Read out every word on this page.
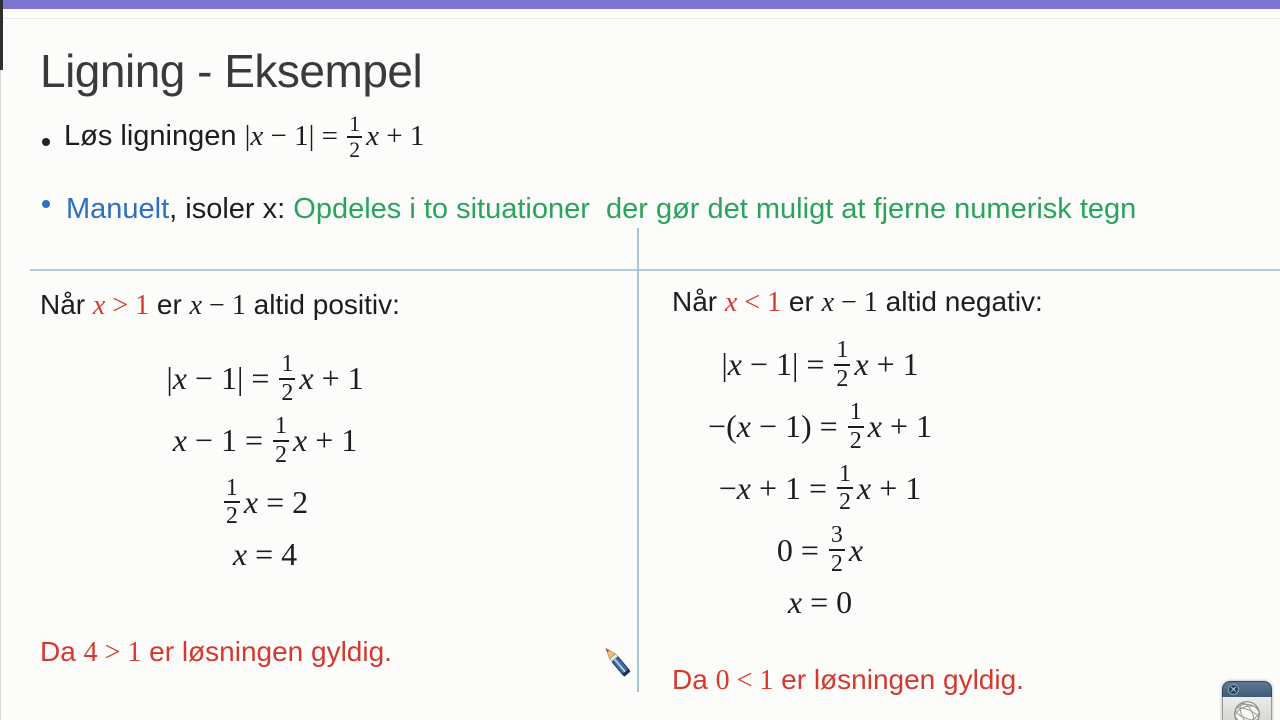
Ligning - Eksempel
Løs ligningen $|x - 1| = \frac{1}{2}$ x + 1
Manuelt, isoler x: Opdeles i to situationer  der gør det muligt at fjerne numerisk tegn
Når x > 1 er x − 1 altid positiv:
| $x - 1| = \frac{1}{2}$ x + 1
$x - 1 = \frac{1}{2}$ x + 1
$\frac{1}{2}$ x = 2
x = 4
Da 4 > 1 er løsningen gyldig.
Når x < 1 er x − 1 altid negativ:
| $x - 1| = \frac{1}{2}$ x + 1
−( $x - 1) = \frac{1}{2}$ x + 1
− $x + 1 = \frac{1}{2}$ x + 1
$0 = \frac{3}{2}$ x
x = 0
Da 0 < 1 er løsningen gyldig.	×
